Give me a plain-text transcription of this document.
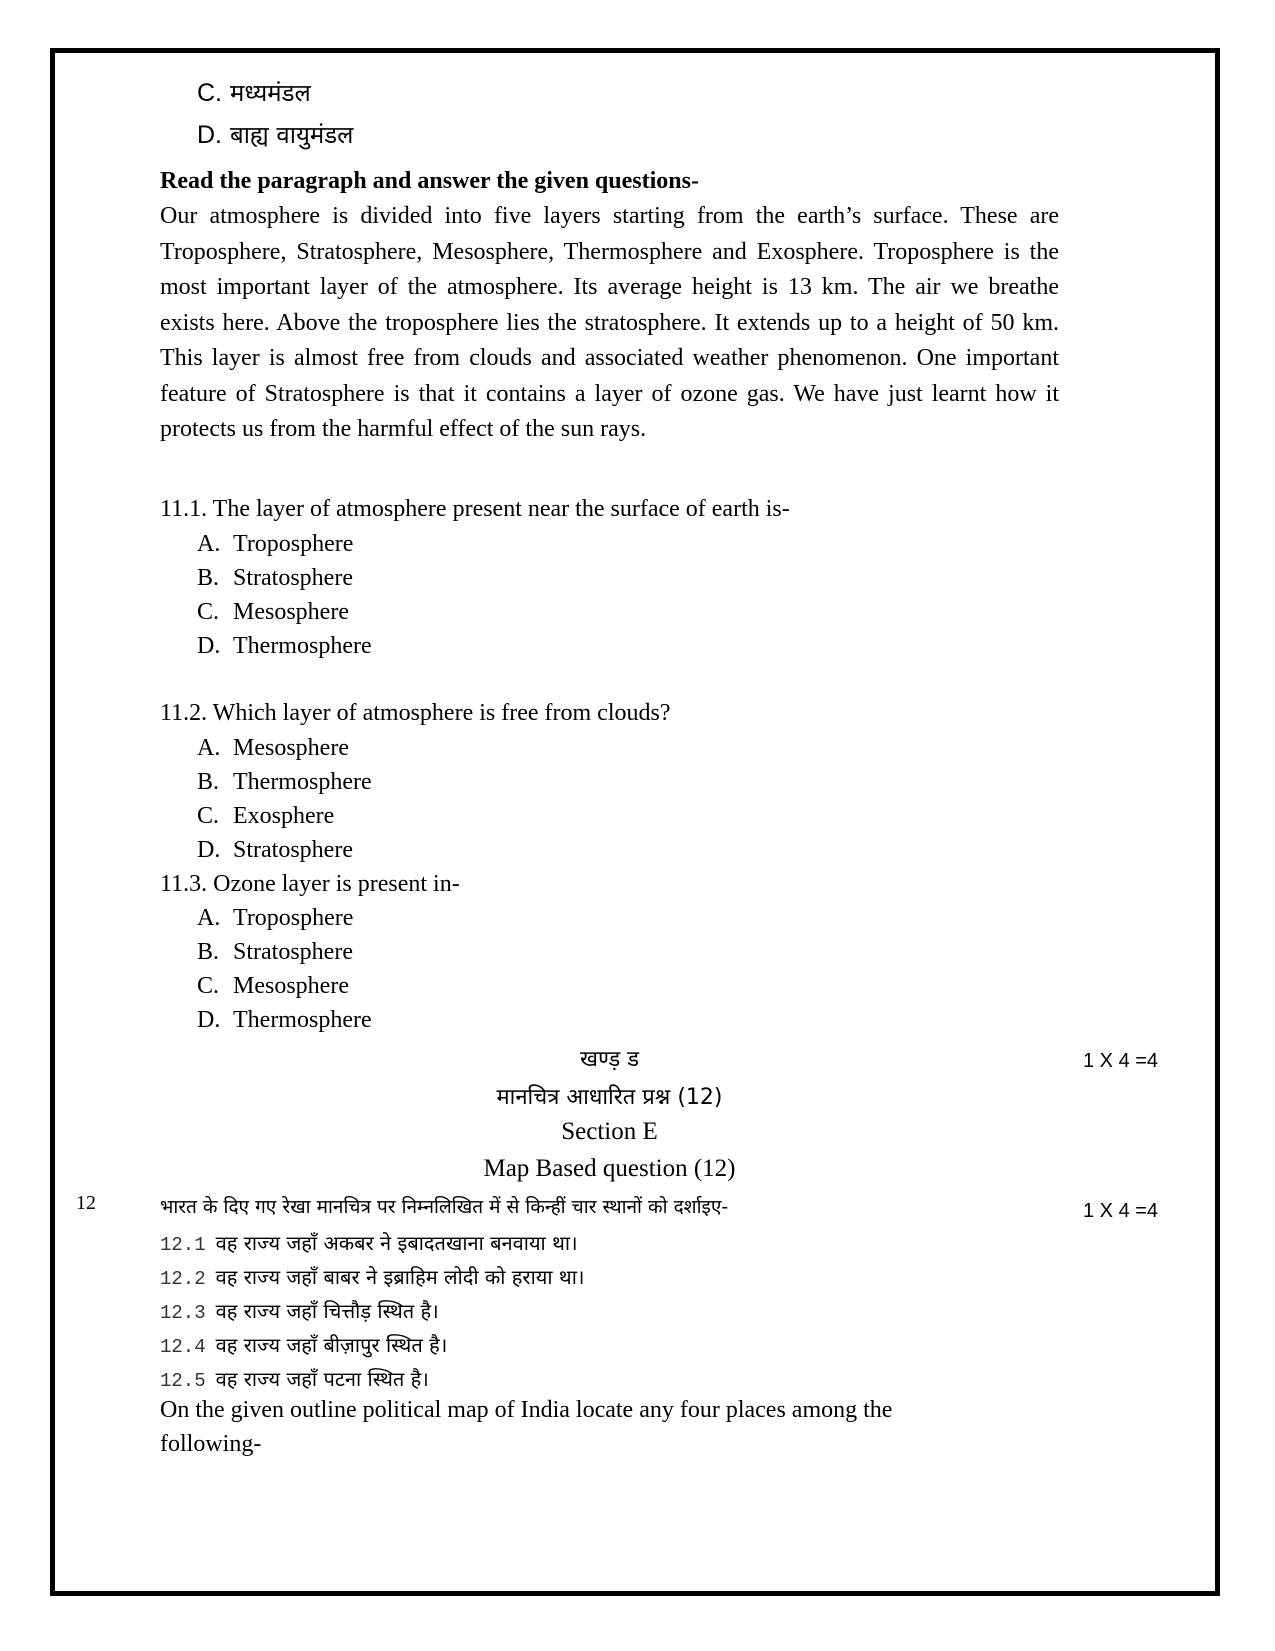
C. मध्यमंडल
D. बाह्य वायुमंडल
Read the paragraph and answer the given questions-
Our atmosphere is divided into five layers starting from the earth’s surface. These are Troposphere, Stratosphere, Mesosphere, Thermosphere and Exosphere. Troposphere is the most important layer of the atmosphere. Its average height is 13 km. The air we breathe exists here. Above the troposphere lies the stratosphere. It extends up to a height of 50 km. This layer is almost free from clouds and associated weather phenomenon. One important feature of Stratosphere is that it contains a layer of ozone gas. We have just learnt how it protects us from the harmful effect of the sun rays.
11.1. The layer of atmosphere present near the surface of earth is-
A. Troposphere
B. Stratosphere
C. Mesosphere
D. Thermosphere
11.2. Which layer of atmosphere is free from clouds?
A. Mesosphere
B. Thermosphere
C. Exosphere
D. Stratosphere
11.3. Ozone layer is present in-
A. Troposphere
B. Stratosphere
C. Mesosphere
D. Thermosphere
खण्ड़ ड	1 X 4 =4
मानचित्र आधारित प्रश्न (12)
Section E
Map Based question (12)
12	भारत के दिए गए रेखा मानचित्र पर निम्नलिखित में से किन्हीं चार स्थानों को दर्शाइए-	1 X 4 =4
12.1 वह राज्य जहाँ अकबर ने इबादतखाना बनवाया था।
12.2 वह राज्य जहाँ बाबर ने इब्राहिम लोदी को हराया था।
12.3 वह राज्य जहाँ चित्तौड़ स्थित है।
12.4 वह राज्य जहाँ बीज़ापुर स्थित है।
12.5 वह राज्य जहाँ पटना स्थित है।
On the given outline political map of India locate any four places among the
following-
